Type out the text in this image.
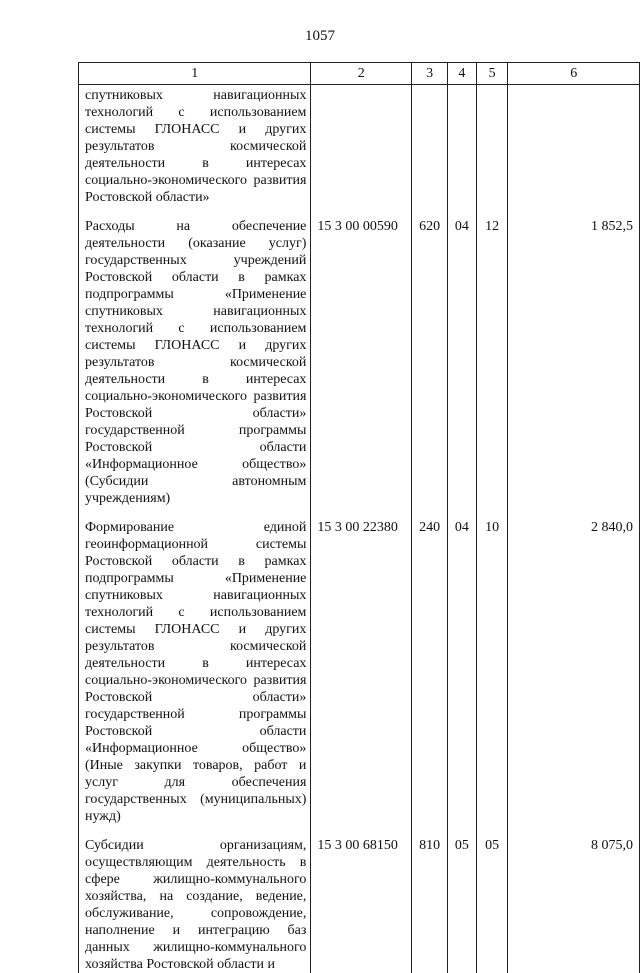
1057
1	2	3	4	5	6
спутниковых навигационных технологий с использованием системы ГЛОНАСС и других результатов космической деятельности в интересах социально-экономического развития Ростовской области»					
Расходы на обеспечение деятельности (оказание услуг) государственных учреждений Ростовской области в рамках подпрограммы «Применение спутниковых навигационных технологий с использованием системы ГЛОНАСС и других результатов космической деятельности в интересах социально-экономического развития Ростовской области» государственной программы Ростовской области «Информационное общество» (Субсидии автономным учреждениям)	15 3 00 00590	620	04	12	1 852,5
Формирование единой геоинформационной системы Ростовской области в рамках подпрограммы «Применение спутниковых навигационных технологий с использованием системы ГЛОНАСС и других результатов космической деятельности в интересах социально-экономического развития Ростовской области» государственной программы Ростовской области «Информационное общество» (Иные закупки товаров, работ и услуг для обеспечения государственных (муниципальных) нужд)	15 3 00 22380	240	04	10	2 840,0
Субсидии организациям, осуществляющим деятельность в сфере жилищно-коммунального хозяйства, на создание, ведение, обслуживание, сопровождение, наполнение и интеграцию баз данных жилищно-коммунального хозяйства Ростовской области и	15 3 00 68150	810	05	05	8 075,0
